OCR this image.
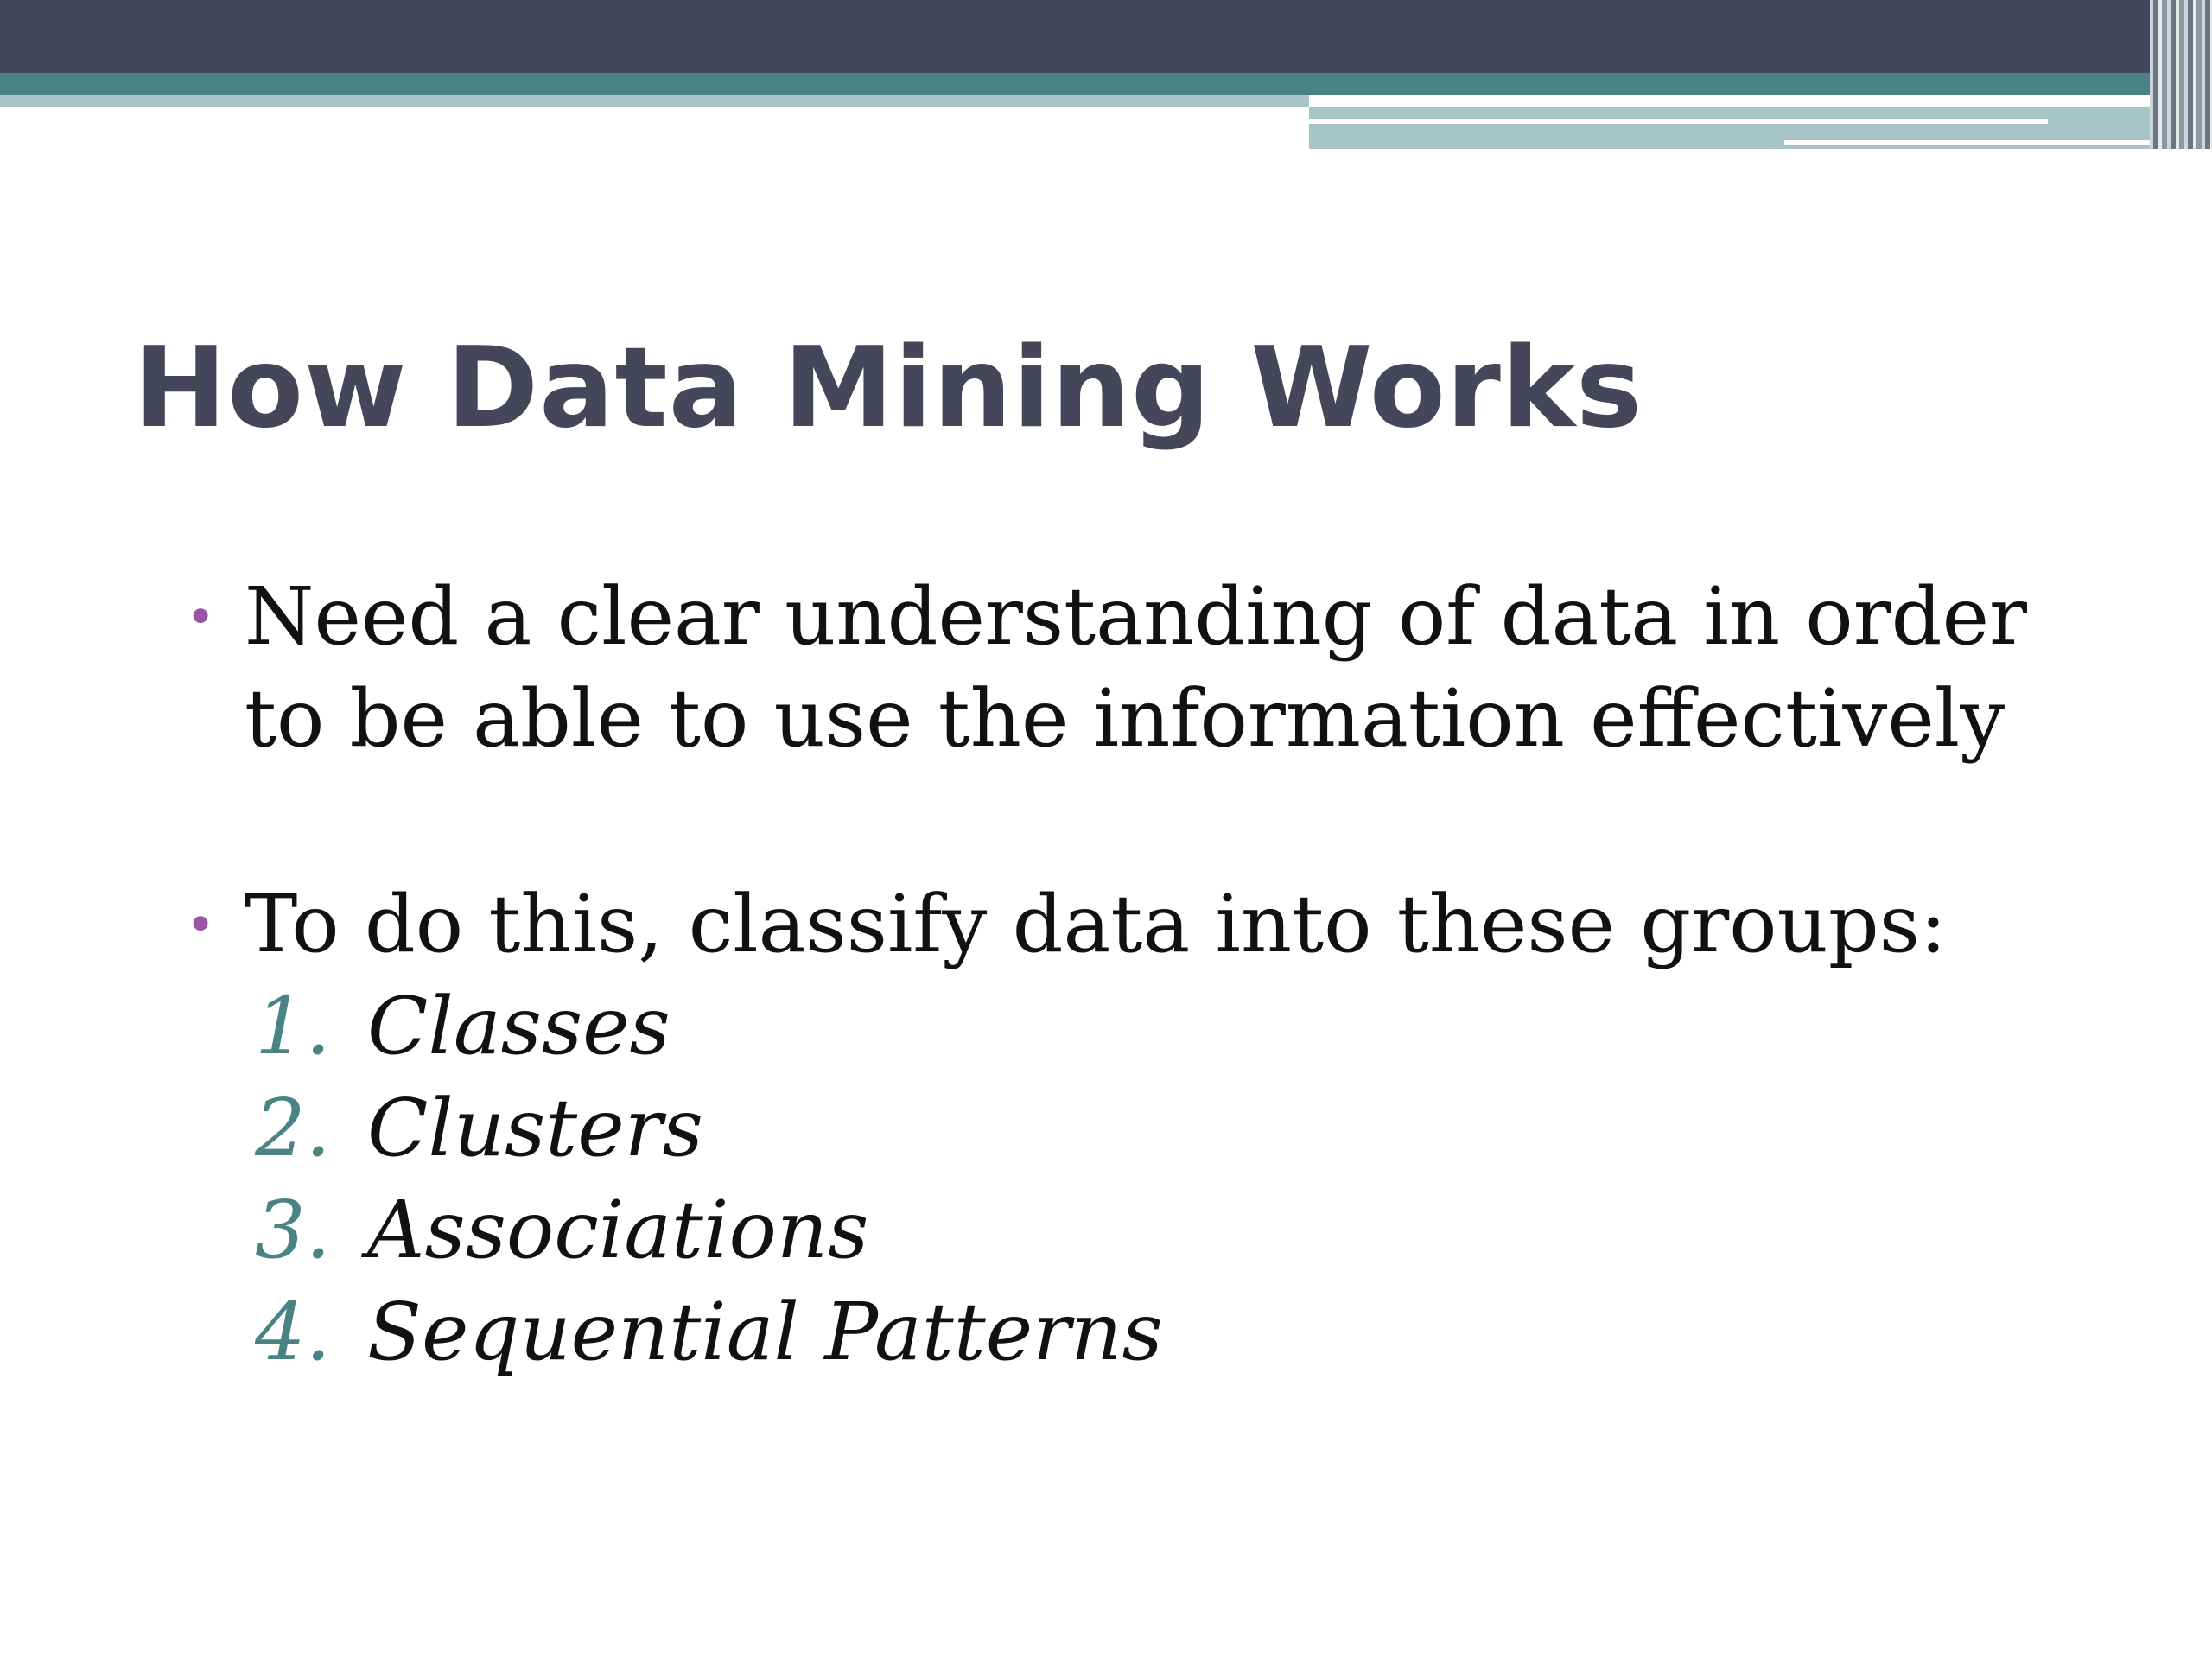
How Data Mining Works

• Need a clear understanding of data in order to be able to use the information effectively

• To do this, classify data into these groups:

1. Classes
2. Clusters
3. Associations
4. Sequential Patterns
